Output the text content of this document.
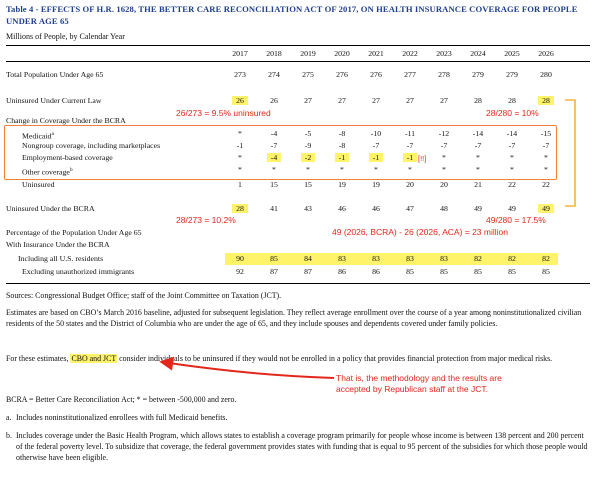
Table 4 - EFFECTS OF H.R. 1628, THE BETTER CARE RECONCILIATION ACT OF 2017, ON HEALTH INSURANCE COVERAGE FOR PEOPLE UNDER AGE 65
Millions of People, by Calendar Year
2017	2018	2019	2020	2021	2022	2023	2024	2025	2026
Total Population Under Age 65	273	274	275	276	276	277	278	279	279	280
Uninsured Under Current Law	26	26	27	27	27	27	27	28	28	28
Change in Coverage Under the BCRA
Medicaid$^a$	*	-4	-5	-8	-10	-11	-12	-14	-14	-15
Nongroup coverage, including marketplaces	-1	-7	-9	-8	-7	-7	-7	-7	-7	-7
Employment-based coverage	*	-4	-2	-1	-1	-1	*	*	*	*
Other coverage$^b$	*	*	*	*	*	*	*	*	*	*
Uninsured	1	15	15	19	19	20	20	21	22	22
Uninsured Under the BCRA	28	41	43	46	46	47	48	49	49	49
Percentage of the Population Under Age 65
With Insurance Under the BCRA
Including all U.S. residents	90	85	84	83	83	83	83	82	82	82
Excluding unauthorized immigrants	92	87	87	86	86	85	85	85	85	85
26/273 = 9.5% uninsured	28/280 = 10%
28/273 = 10.2%	49/280 = 17.5%
49 (2026, BCRA) - 26 (2026, ACA) = 23 million
[!!]
Sources: Congressional Budget Office; staff of the Joint Committee on Taxation (JCT).
Estimates are based on CBO’s March 2016 baseline, adjusted for subsequent legislation. They reflect average enrollment over the course of a year among noninstitutionalized civilian residents of the 50 states and the District of Columbia who are under the age of 65, and they include spouses and dependents covered under family policies.
For these estimates, CBO and JCT consider individuals to be uninsured if they would not be enrolled in a policy that provides financial protection from major medical risks.
That is, the methodology and the results are
accepted by Republican staff at the JCT.
BCRA = Better Care Reconciliation Act; * = between -500,000 and zero.
a. Includes noninstitutionalized enrollees with full Medicaid benefits.
b. Includes coverage under the Basic Health Program, which allows states to establish a coverage program primarily for people whose income is between 138 percent and 200 percent of the federal poverty level. To subsidize that coverage, the federal government provides states with funding that is equal to 95 percent of the subsidies for which those people would otherwise have been eligible.
